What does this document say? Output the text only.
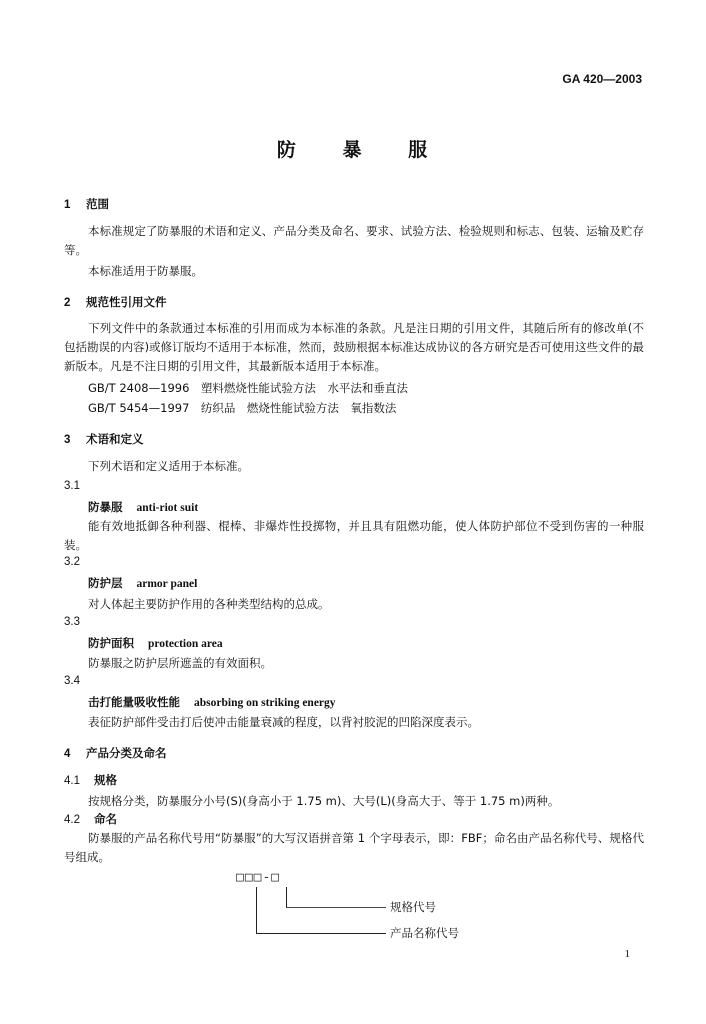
GA 420—2003
防 暴 服
1 范围
本标准规定了防暴服的术语和定义、产品分类及命名、要求、试验方法、检验规则和标志、包装、运输及贮存等。
本标准适用于防暴服。
2 规范性引用文件
下列文件中的条款通过本标准的引用而成为本标准的条款。凡是注日期的引用文件，其随后所有的修改单(不包括勘误的内容)或修订版均不适用于本标准，然而，鼓励根据本标准达成协议的各方研究是否可使用这些文件的最新版本。凡是不注日期的引用文件，其最新版本适用于本标准。
GB/T 2408—1996　塑料燃烧性能试验方法　水平法和垂直法
GB/T 5454—1997　纺织品　燃烧性能试验方法　氧指数法
3 术语和定义
下列术语和定义适用于本标准。
3.1
防暴服 anti-riot suit
能有效地抵御各种利器、棍棒、非爆炸性投掷物，并且具有阻燃功能，使人体防护部位不受到伤害的一种服装。
3.2
防护层 armor panel
对人体起主要防护作用的各种类型结构的总成。
3.3
防护面积 protection area
防暴服之防护层所遮盖的有效面积。
3.4
击打能量吸收性能 absorbing on striking energy
表征防护部件受击打后使冲击能量衰减的程度，以背衬胶泥的凹陷深度表示。
4 产品分类及命名
4.1 规格
按规格分类，防暴服分小号(S)(身高小于 1.75 m)、大号(L)(身高大于、等于 1.75 m)两种。
4.2 命名
防暴服的产品名称代号用“防暴服”的大写汉语拼音第 1 个字母表示，即：FBF；命名由产品名称代号、规格代号组成。
□□□-□
规格代号
产品名称代号
1
